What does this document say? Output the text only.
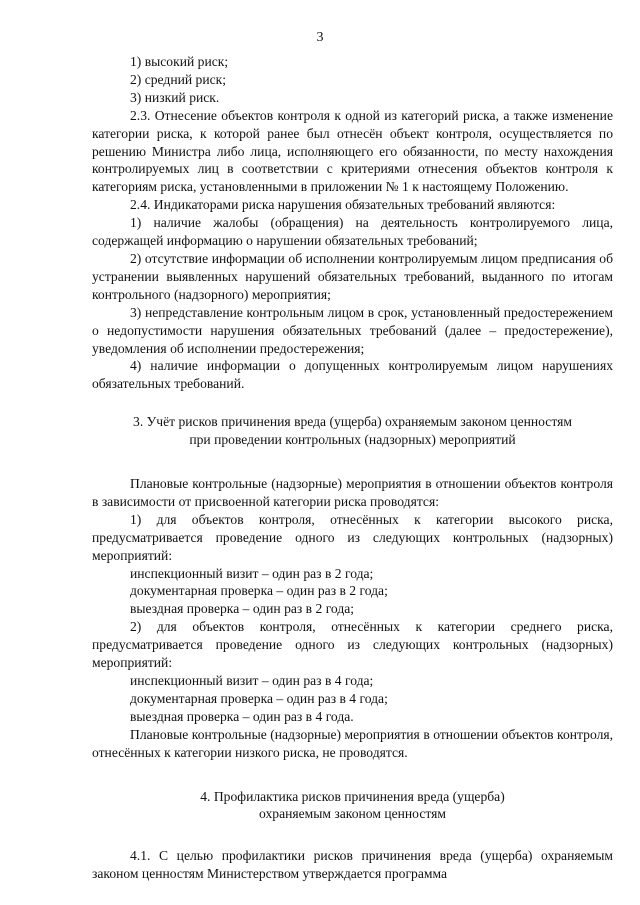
3
1) высокий риск;
2) средний риск;
3) низкий риск.

2.3. Отнесение объектов контроля к одной из категорий риска, а также изменение категории риска, к которой ранее был отнесён объект контроля, осуществляется по решению Министра либо лица, исполняющего его обязанности, по месту нахождения контролируемых лиц в соответствии с критериями отнесения объектов контроля к категориям риска, установленными в приложении № 1 к настоящему Положению.

2.4. Индикаторами риска нарушения обязательных требований являются:

1) наличие жалобы (обращения) на деятельность контролируемого лица, содержащей информацию о нарушении обязательных требований;

2) отсутствие информации об исполнении контролируемым лицом предписания об устранении выявленных нарушений обязательных требований, выданного по итогам контрольного (надзорного) мероприятия;

3) непредставление контрольным лицом в срок, установленный предостережением о недопустимости нарушения обязательных требований (далее – предостережение), уведомления об исполнении предостережения;

4) наличие информации о допущенных контролируемым лицом нарушениях обязательных требований.

3. Учёт рисков причинения вреда (ущерба) охраняемым законом ценностям
при проведении контрольных (надзорных) мероприятий

Плановые контрольные (надзорные) мероприятия в отношении объектов контроля в зависимости от присвоенной категории риска проводятся:

1) для объектов контроля, отнесённых к категории высокого риска, предусматривается проведение одного из следующих контрольных (надзорных) мероприятий:

инспекционный визит – один раз в 2 года;
документарная проверка – один раз в 2 года;
выездная проверка – один раз в 2 года;

2) для объектов контроля, отнесённых к категории среднего риска, предусматривается проведение одного из следующих контрольных (надзорных) мероприятий:

инспекционный визит – один раз в 4 года;
документарная проверка – один раз в 4 года;
выездная проверка – один раз в 4 года.

Плановые контрольные (надзорные) мероприятия в отношении объектов контроля, отнесённых к категории низкого риска, не проводятся.

4. Профилактика рисков причинения вреда (ущерба)
охраняемым законом ценностям

4.1. С целью профилактики рисков причинения вреда (ущерба) охраняемым законом ценностям Министерством утверждается программа
